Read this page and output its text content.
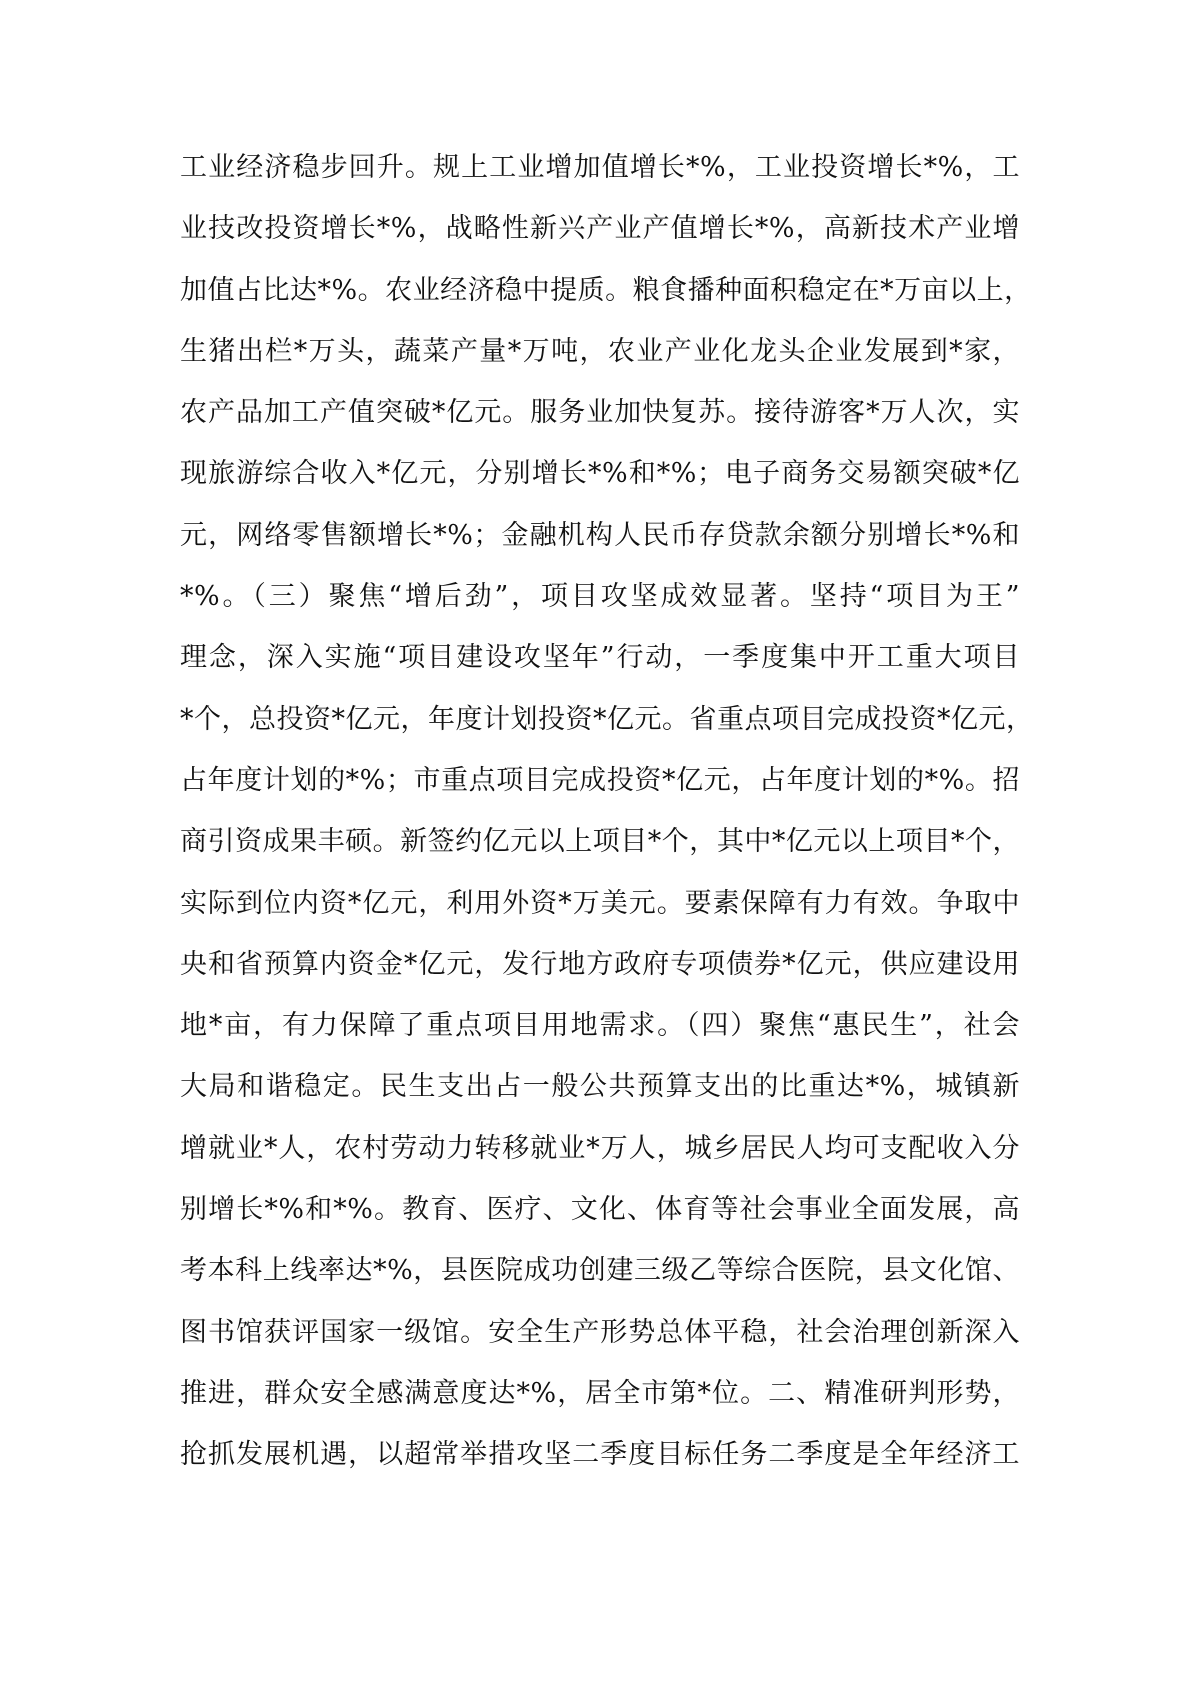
工业经济稳步回升。规上工业增加值增长*%，工业投资增长*%，工
业技改投资增长*%，战略性新兴产业产值增长*%，高新技术产业增
加值占比达*%。农业经济稳中提质。粮食播种面积稳定在*万亩以上，
生猪出栏*万头，蔬菜产量*万吨，农业产业化龙头企业发展到*家，
农产品加工产值突破*亿元。服务业加快复苏。接待游客*万人次，实
现旅游综合收入*亿元，分别增长*%和*%；电子商务交易额突破*亿
元，网络零售额增长*%；金融机构人民币存贷款余额分别增长*%和
*%。（三）聚焦“增后劲”，项目攻坚成效显著。坚持“项目为王”
理念，深入实施“项目建设攻坚年”行动，一季度集中开工重大项目
*个，总投资*亿元，年度计划投资*亿元。省重点项目完成投资*亿元，
占年度计划的*%；市重点项目完成投资*亿元，占年度计划的*%。招
商引资成果丰硕。新签约亿元以上项目*个，其中*亿元以上项目*个，
实际到位内资*亿元，利用外资*万美元。要素保障有力有效。争取中
央和省预算内资金*亿元，发行地方政府专项债券*亿元，供应建设用
地*亩，有力保障了重点项目用地需求。（四）聚焦“惠民生”，社会
大局和谐稳定。民生支出占一般公共预算支出的比重达*%，城镇新
增就业*人，农村劳动力转移就业*万人，城乡居民人均可支配收入分
别增长*%和*%。教育、医疗、文化、体育等社会事业全面发展，高
考本科上线率达*%，县医院成功创建三级乙等综合医院，县文化馆、
图书馆获评国家一级馆。安全生产形势总体平稳，社会治理创新深入
推进，群众安全感满意度达*%，居全市第*位。二、精准研判形势，
抢抓发展机遇，以超常举措攻坚二季度目标任务二季度是全年经济工
